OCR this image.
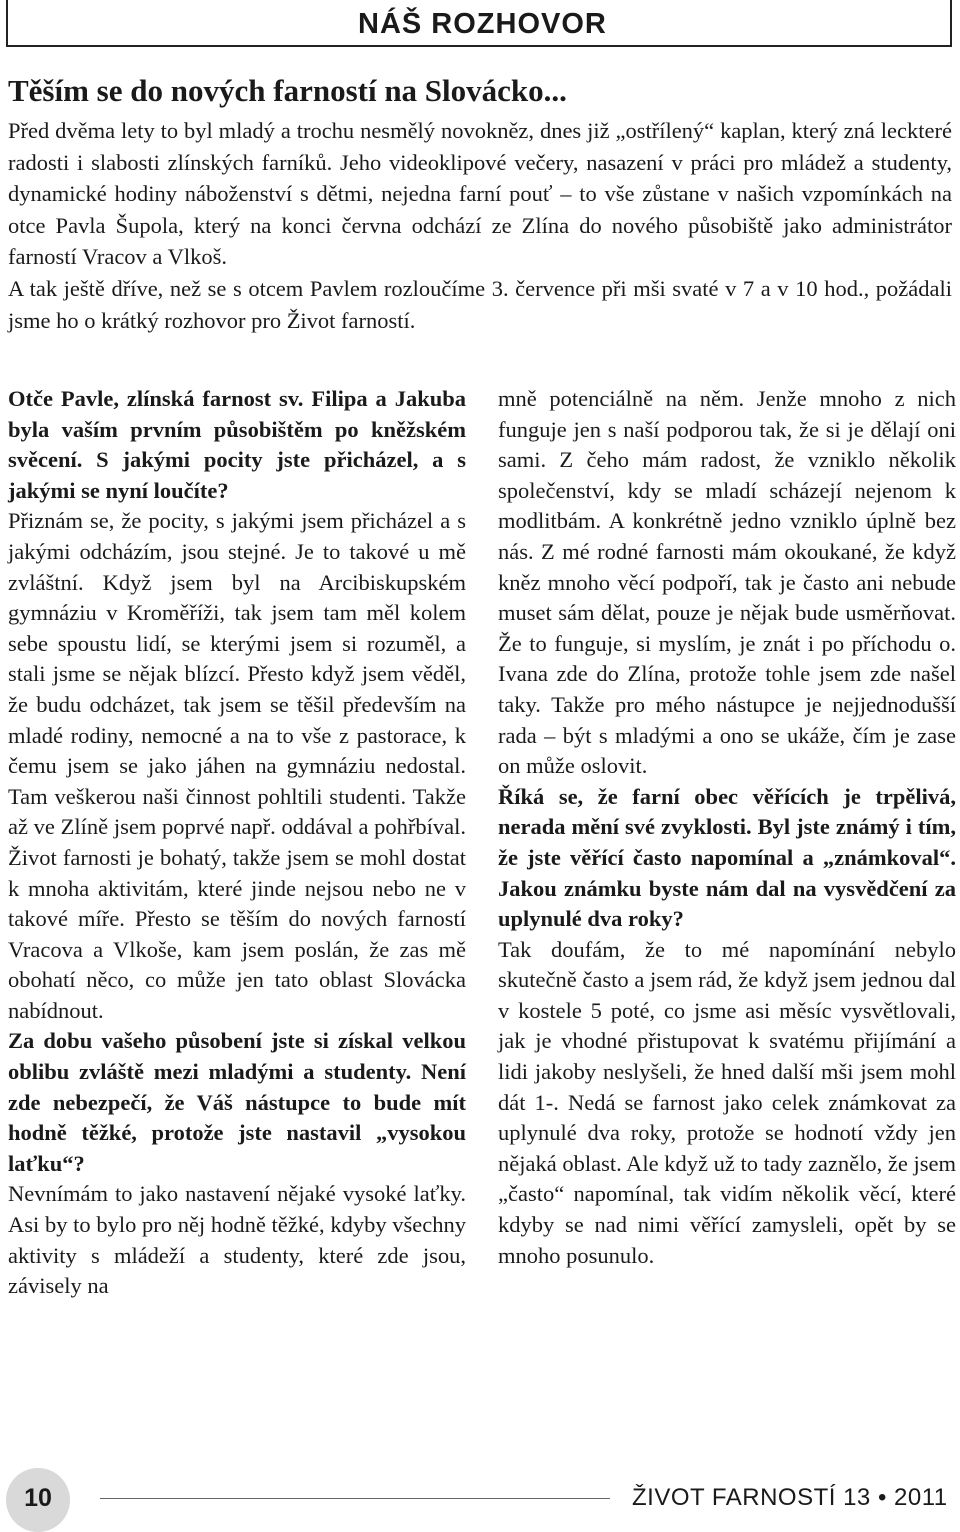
NÁŠ ROZHOVOR
Těším se do nových farností na Slovácko...

Před dvěma lety to byl mladý a trochu nesmělý novokněz, dnes již „ostřílený“ kaplan, který zná leckteré radosti i slabosti zlínských farníků. Jeho videoklipové večery, nasazení v práci pro mládež a studenty, dynamické hodiny náboženství s dětmi, nejedna farní pouť – to vše zůstane v našich vzpomínkách na otce Pavla Šupola, který na konci června odchází ze Zlína do nového působiště jako administrátor farností Vracov a Vlkoš.

A tak ještě dříve, než se s otcem Pavlem rozloučíme 3. července při mši svaté v 7 a v 10 hod., požádali jsme ho o krátký rozhovor pro Život farností.

Otče Pavle, zlínská farnost sv. Filipa a Jakuba byla vaším prvním působištěm po kněžském svěcení. S jakými pocity jste přicházel, a s jakými se nyní loučíte?

Přiznám se, že pocity, s jakými jsem přicházel a s jakými odcházím, jsou stejné. Je to takové u mě zvláštní. Když jsem byl na Arcibiskupském gymnáziu v Kroměříži, tak jsem tam měl kolem sebe spoustu lidí, se kterými jsem si rozuměl, a stali jsme se nějak blízcí. Přesto když jsem věděl, že budu odcházet, tak jsem se těšil především na mladé rodiny, nemocné a na to vše z pastorace, k čemu jsem se jako jáhen na gymnáziu nedostal. Tam veškerou naši činnost pohltili studenti. Takže až ve Zlíně jsem poprvé např. oddával a pohřbíval. Život farnosti je bohatý, takže jsem se mohl dostat k mnoha aktivitám, které jinde nejsou nebo ne v takové míře. Přesto se těším do nových farností Vracova a Vlkoše, kam jsem poslán, že zas mě obohatí něco, co může jen tato oblast Slovácka nabídnout.

Za dobu vašeho působení jste si získal velkou oblibu zvláště mezi mladými a studenty. Není zde nebezpečí, že Váš nástupce to bude mít hodně těžké, protože jste nastavil „vysokou laťku“?

Nevnímám to jako nastavení nějaké vysoké laťky. Asi by to bylo pro něj hodně těžké, kdyby všechny aktivity s mládeží a studenty, které zde jsou, závisely na

mně potenciálně na něm. Jenže mnoho z nich funguje jen s naší podporou tak, že si je dělají oni sami. Z čeho mám radost, že vzniklo několik společenství, kdy se mladí scházejí nejenom k modlitbám. A konkrétně jedno vzniklo úplně bez nás. Z mé rodné farnosti mám okoukané, že když kněz mnoho věcí podpoří, tak je často ani nebude muset sám dělat, pouze je nějak bude usměrňovat. Že to funguje, si myslím, je znát i po příchodu o. Ivana zde do Zlína, protože tohle jsem zde našel taky. Takže pro mého nástupce je nejjednodušší rada – být s mladými a ono se ukáže, čím je zase on může oslovit.

Říká se, že farní obec věřících je trpělivá, nerada mění své zvyklosti. Byl jste známý i tím, že jste věřící často napomínal a „známkoval“. Jakou známku byste nám dal na vysvědčení za uplynulé dva roky?

Tak doufám, že to mé napomínání nebylo skutečně často a jsem rád, že když jsem jednou dal v kostele 5 poté, co jsme asi měsíc vysvětlovali, jak je vhodné přistupovat k svatému přijímání a lidi jakoby neslyšeli, že hned další mši jsem mohl dát 1-. Nedá se farnost jako celek známkovat za uplynulé dva roky, protože se hodnotí vždy jen nějaká oblast. Ale když už to tady zaznělo, že jsem „často“ napomínal, tak vidím několik věcí, které kdyby se nad nimi věřící zamysleli, opět by se mnoho posunulo.

10	ŽIVOT FARNOSTÍ 13 • 2011
